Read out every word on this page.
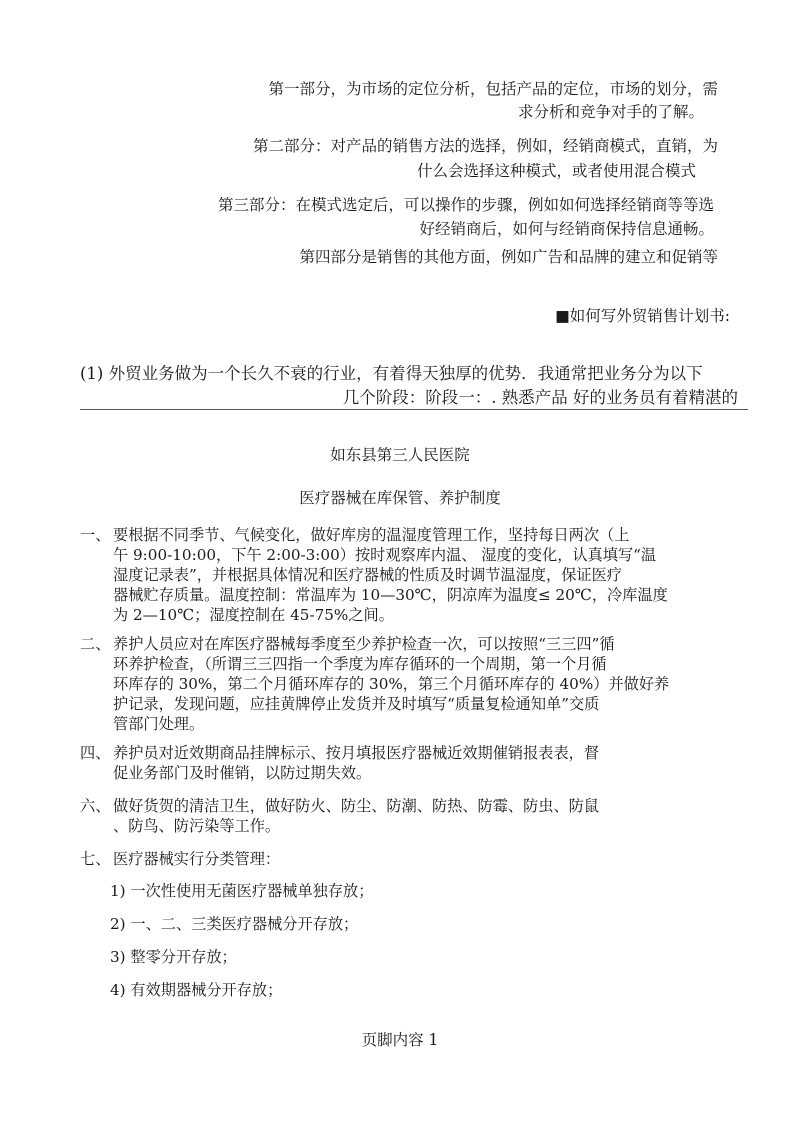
第一部分，为市场的定位分析，包括产品的定位，市场的划分，需
求分析和竞争对手的了解。
第二部分：对产品的销售方法的选择，例如，经销商模式，直销，为
什么会选择这种模式，或者使用混合模式
第三部分：在模式选定后，可以操作的步骤，例如如何选择经销商等等选
好经销商后，如何与经销商保持信息通畅。
第四部分是销售的其他方面，例如广告和品牌的建立和促销等
■如何写外贸销售计划书:
(1) 外贸业务做为一个长久不衰的行业，有着得天独厚的优势．我通常把业务分为以下
几个阶段：阶段一：. 熟悉产品 好的业务员有着精湛的
如东县第三人民医院
医疗器械在库保管、养护制度
一、 要根据不同季节、气候变化，做好库房的温湿度管理工作，坚持每日两次（上
午 9:00-10:00，下午 2:00-3:00）按时观察库内温、 湿度的变化，认真填写“温
湿度记录表”，并根据具体情况和医疗器械的性质及时调节温湿度，保证医疗
器械贮存质量。温度控制：常温库为 10—30℃，阴凉库为温度≤ 20℃，冷库温度
为 2—10℃；湿度控制在 45-75%之间。
二、 养护人员应对在库医疗器械每季度至少养护检查一次，可以按照“三三四”循
环养护检查，（所谓三三四指一个季度为库存循环的一个周期，第一个月循
环库存的 30%，第二个月循环库存的 30%，第三个月循环库存的 40%）并做好养
护记录，发现问题，应挂黄牌停止发货并及时填写“质量复检通知单”交质
管部门处理。
四、 养护员对近效期商品挂牌标示、按月填报医疗器械近效期催销报表表，督
促业务部门及时催销，以防过期失效。
六、 做好货贺的清洁卫生，做好防火、防尘、防潮、防热、防霉、防虫、防鼠
、防鸟、防污染等工作。
七、 医疗器械实行分类管理：
1) 一次性使用无菌医疗器械单独存放；
2) 一、二、三类医疗器械分开存放；
3) 整零分开存放；
4) 有效期器械分开存放；
页脚内容 1
